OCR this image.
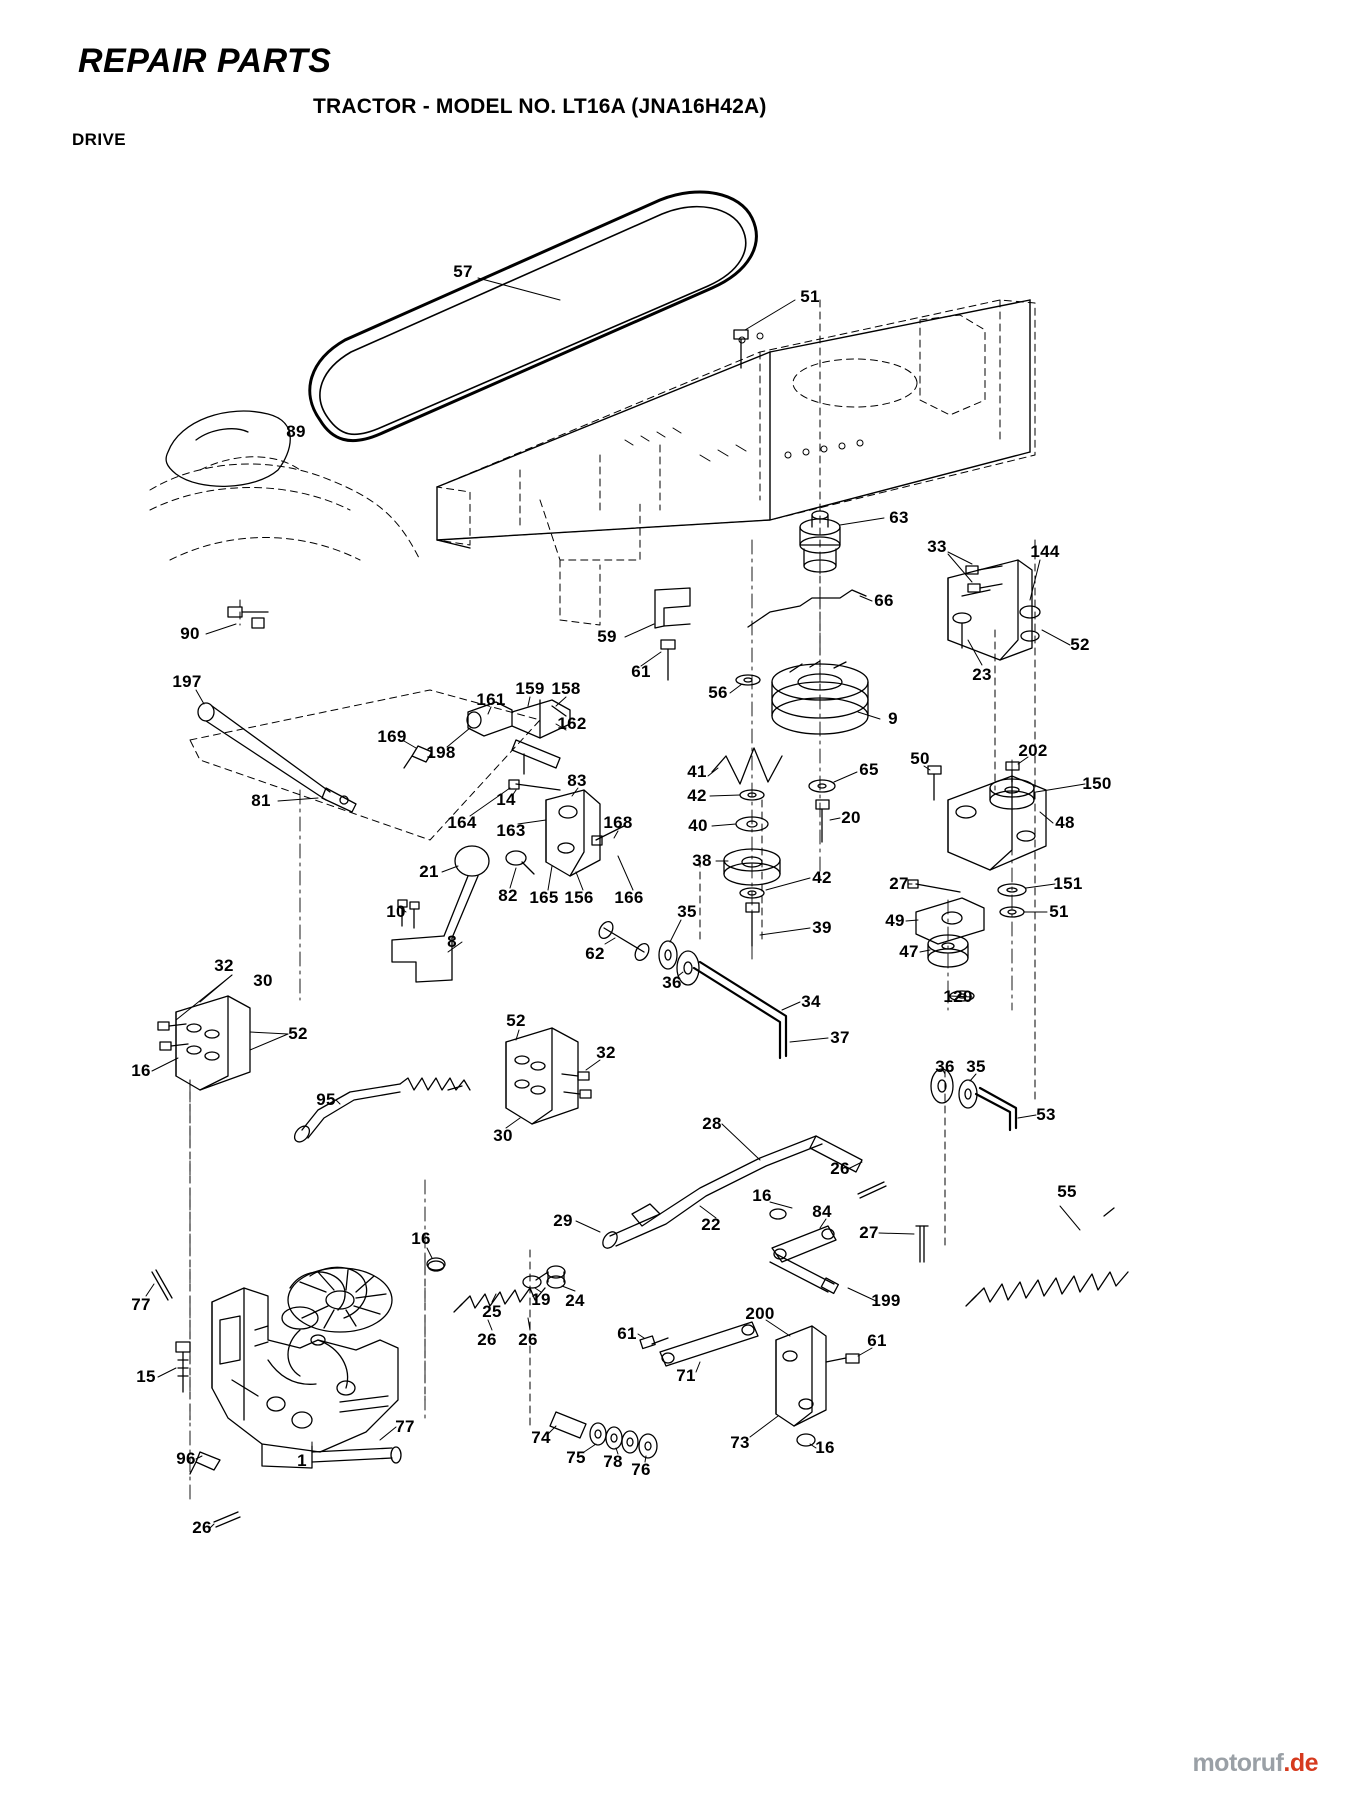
REPAIR PARTS
TRACTOR - MODEL NO. LT16A (JNA16H42A)
DRIVE
57
51
89
90
63
33	144
66
59	52
23
61
56
9
197
161
159 158
162
169
198
41	65
50	202
150
83
14
81	42
40	20	48
164 163	168
38
42	27	151
21
10
82 165 156 166
49	51
47
35
39
8
62
36
120
32
30
34
52
52
16
32
37
36 35
95
30
28	53
26
55
29	22
16
84
27
16
77	25
19 24
200
199
26 26	61	61
15	71
73
74
75 78 76
16
77
96	1
26
motoruf.de
